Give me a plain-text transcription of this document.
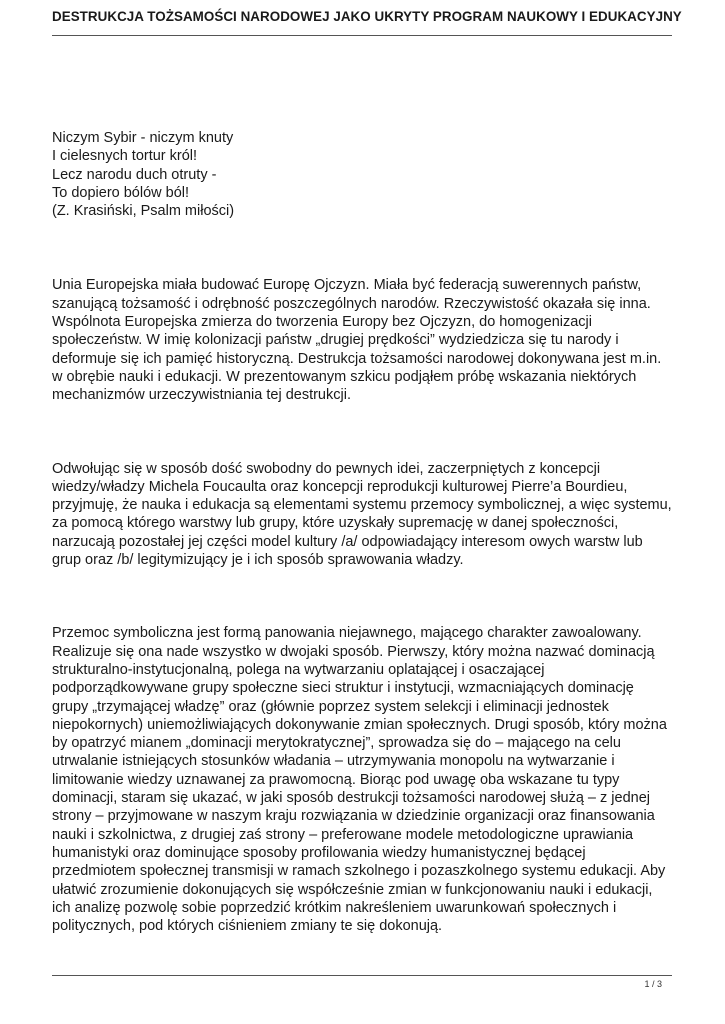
DESTRUKCJA TOŻSAMOŚCI NARODOWEJ JAKO UKRYTY PROGRAM NAUKOWY I EDUKACYJNY
Niczym Sybir - niczym knuty
I cielesnych tortur król!
Lecz narodu duch otruty -
To dopiero bólów ból!
(Z. Krasiński, Psalm miłości)

Unia Europejska miała budować Europę Ojczyzn. Miała być federacją suwerennych państw, szanującą tożsamość i odrębność poszczególnych narodów. Rzeczywistość okazała się inna. Wspólnota Europejska zmierza do tworzenia Europy bez Ojczyzn, do homogenizacji społeczeństw. W imię kolonizacji państw „drugiej prędkości” wydziedzicza się tu narody i deformuje się ich pamięć historyczną. Destrukcja tożsamości narodowej dokonywana jest m.in. w obrębie nauki i edukacji. W prezentowanym szkicu podjąłem próbę wskazania niektórych mechanizmów urzeczywistniania tej destrukcji.

Odwołując się w sposób dość swobodny do pewnych idei, zaczerpniętych z koncepcji wiedzy/władzy Michela Foucaulta oraz koncepcji reprodukcji kulturowej Pierre’a Bourdieu, przyjmuję, że nauka i edukacja są elementami systemu przemocy symbolicznej, a więc systemu, za pomocą którego warstwy lub grupy, które uzyskały supremację w danej społeczności, narzucają pozostałej jej części model kultury /a/ odpowiadający interesom owych warstw lub grup oraz /b/ legitymizujący je i ich sposób sprawowania władzy.

Przemoc symboliczna jest formą panowania niejawnego, mającego charakter zawoalowany. Realizuje się ona nade wszystko w dwojaki sposób. Pierwszy, który można nazwać dominacją strukturalno-instytucjonalną, polega na wytwarzaniu oplatającej i osaczającej podporządkowywane grupy społeczne sieci struktur i instytucji, wzmacniających dominację grupy „trzymającej władzę” oraz (głównie poprzez system selekcji i eliminacji jednostek niepokornych) uniemożliwiających dokonywanie zmian społecznych. Drugi sposób, który można by opatrzyć mianem „dominacji merytokratycznej”, sprowadza się do – mającego na celu utrwalanie istniejących stosunków władania – utrzymywania monopolu na wytwarzanie i limitowanie wiedzy uznawanej za prawomocną. Biorąc pod uwagę oba wskazane tu typy dominacji, staram się ukazać, w jaki sposób destrukcji tożsamości narodowej służą – z jednej strony – przyjmowane w naszym kraju rozwiązania w dziedzinie organizacji oraz finansowania nauki i szkolnictwa, z drugiej zaś strony – preferowane modele metodologiczne uprawiania humanistyki oraz dominujące sposoby profilowania wiedzy humanistycznej będącej przedmiotem społecznej transmisji w ramach szkolnego i pozaszkolnego systemu edukacji. Aby ułatwić zrozumienie dokonujących się współcześnie zmian w funkcjonowaniu nauki i edukacji, ich analizę pozwolę sobie poprzedzić krótkim nakreśleniem uwarunkowań społecznych i politycznych, pod których ciśnieniem zmiany te się dokonują.

1 / 3
